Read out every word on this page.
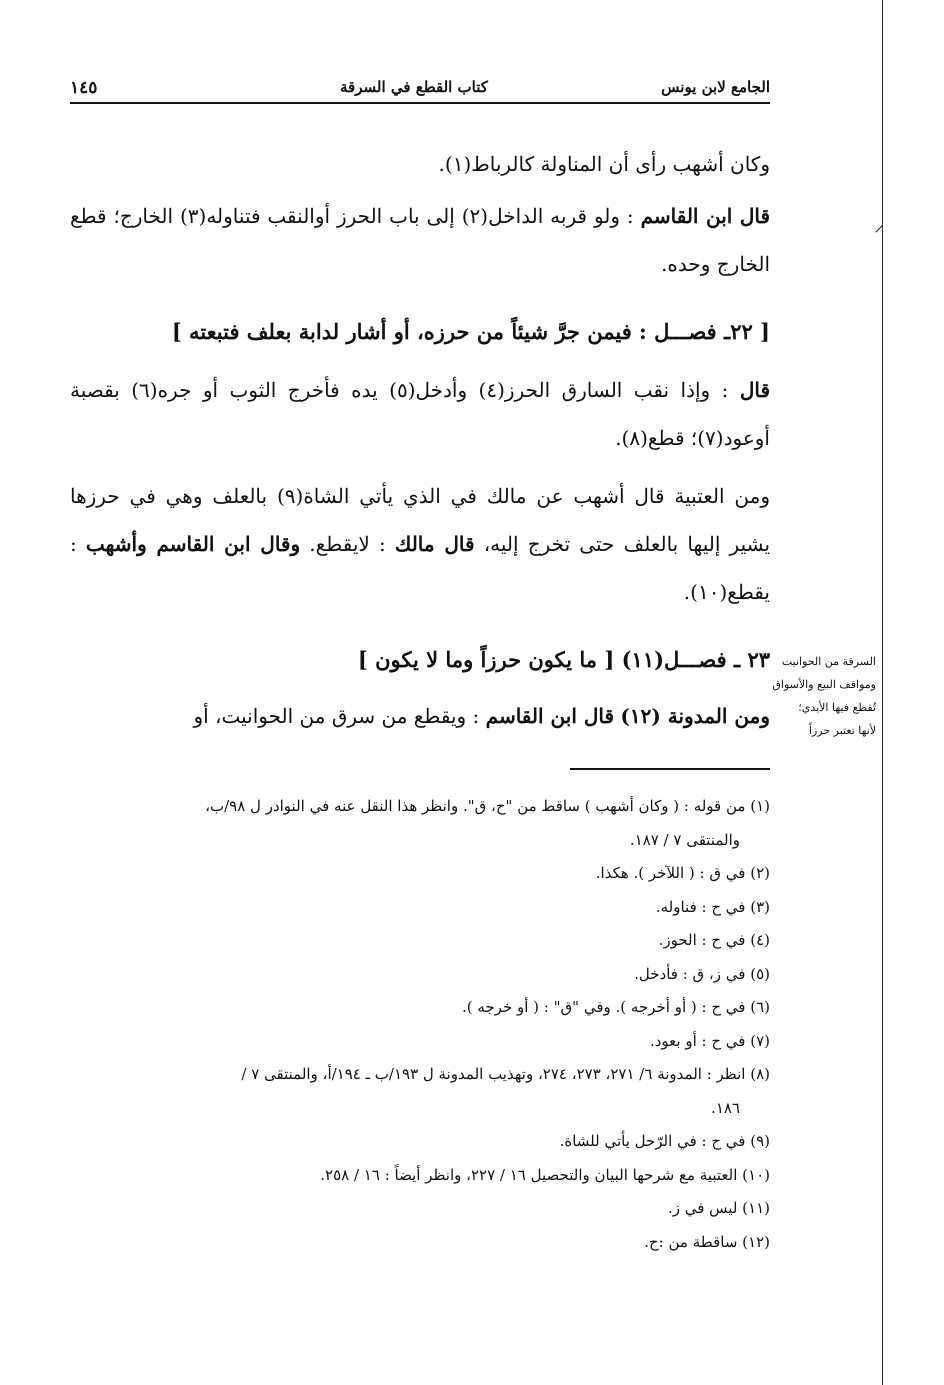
الجامع لابن يونس
كتاب القطع في السرقة
١٤٥

وكان أشهب رأى أن المناولة كالرباط(١).

قال ابن القاسم : ولو قربه الداخل(٢) إلى باب الحرز أوالنقب فتناوله(٣) الخارج؛ قطع الخارج وحده.

[ ٢٢ـ فصـــل : فيمن جرَّ شيئاً من حرزه، أو أشار لدابة بعلف فتبعته ]

قال : وإذا نقب السارق الحرز(٤) وأدخل(٥) يده فأخرج الثوب أو جره(٦) بقصبة أوعود(٧)؛ قطع(٨).

ومن العتبية قال أشهب عن مالك في الذي يأتي الشاة(٩) بالعلف وهي في حرزها يشير إليها بالعلف حتى تخرج إليه، قال مالك : لايقطع. وقال ابن القاسم وأشهب : يقطع(١٠).

٢٣ ـ فصـــل(١١) [ ما يكون حرزاً وما لا يكون ]

ومن المدونة (١٢) قال ابن القاسم : ويقطع من سرق من الحوانيت، أو

السرقة من الحوانيت
ومواقف البيع والأسواق
تُقطع فيها الأيدي؛
لأنها تعتبر حرزاً
⸝

(١) من قوله : ( وكان أشهب ) ساقط من "ح، ق". وانظر هذا النقل عنه في النوادر ل ٩٨/ب،

والمنتقى ٧ / ١٨٧.

(٢) في ق : ( اللآخر ). هكذا.

(٣) في ح : فناوله.

(٤) في ح : الحوز.

(٥) في ز، ق : فأدخل.

(٦) في ح : ( أو أخرجه ). وفي "ق" : ( أو خرجه ).

(٧) في ح : أو بعود.

(٨) انظر : المدونة ٦/ ٢٧١، ٢٧٣، ٢٧٤، وتهذيب المدونة ل ١٩٣/ب ـ ١٩٤/أ، والمنتقى ٧ /

١٨٦.

(٩) في ح : في الرّحل يأتي للشاة.

(١٠) العتبية مع شرحها البيان والتحصيل ١٦ / ٢٢٧، وانظر أيضاً : ١٦ / ٢٥٨.

(١١) ليس في ز.

(١٢) ساقطة من :ح.
